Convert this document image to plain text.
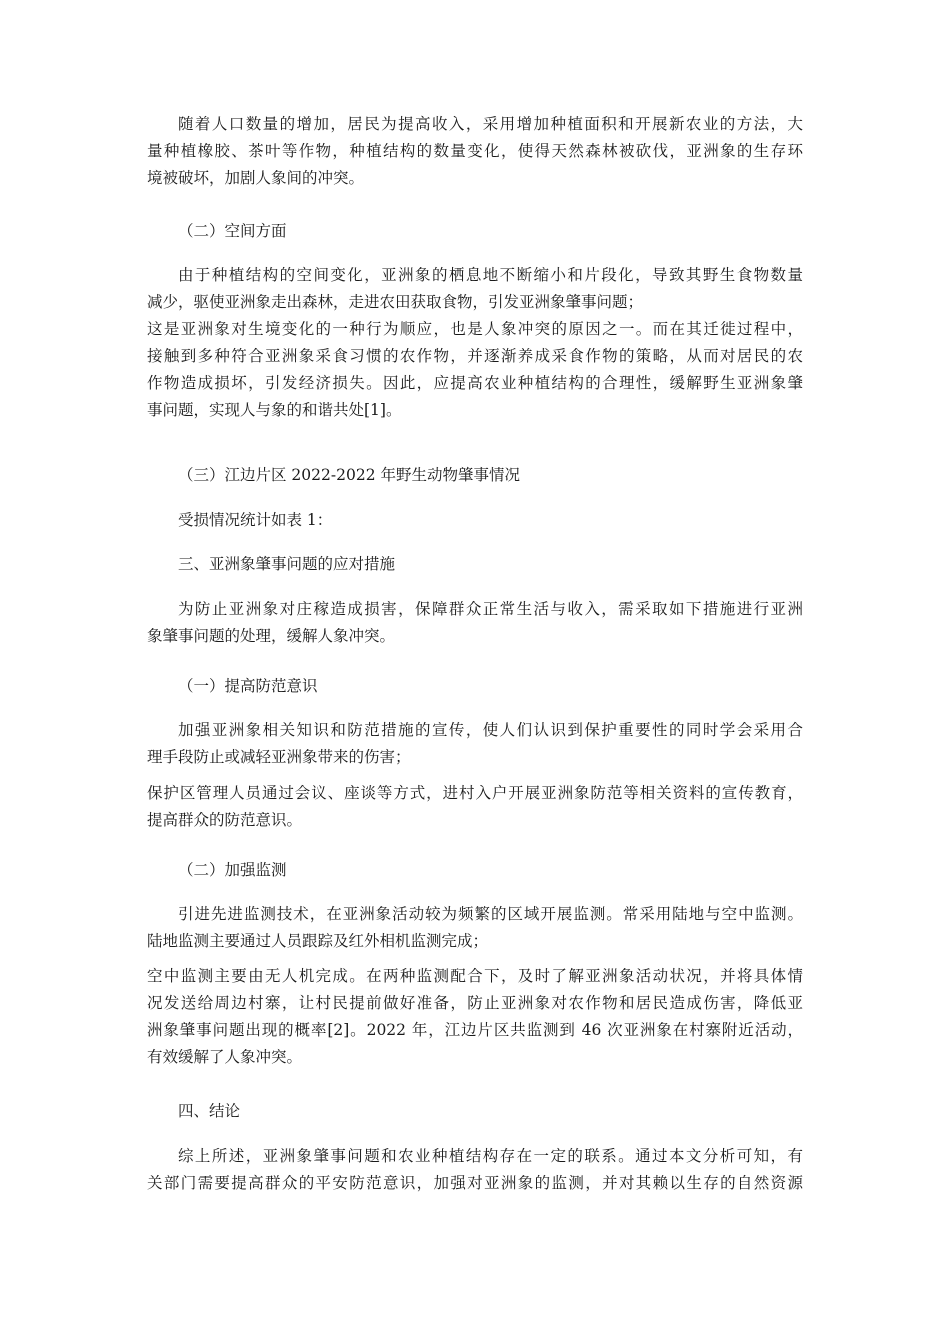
随着人口数量的增加，居民为提高收入，采用增加种植面积和开展新农业的方法，大
量种植橡胶、茶叶等作物，种植结构的数量变化，使得天然森林被砍伐，亚洲象的生存环
境被破坏，加剧人象间的冲突。
（二）空间方面
由于种植结构的空间变化，亚洲象的栖息地不断缩小和片段化，导致其野生食物数量
减少，驱使亚洲象走出森林，走进农田获取食物，引发亚洲象肇事问题；
这是亚洲象对生境变化的一种行为顺应，也是人象冲突的原因之一。而在其迁徙过程中，
接触到多种符合亚洲象采食习惯的农作物，并逐渐养成采食作物的策略，从而对居民的农
作物造成损坏，引发经济损失。因此，应提高农业种植结构的合理性，缓解野生亚洲象肇
事问题，实现人与象的和谐共处[1]。
（三）江边片区 2022-2022 年野生动物肇事情况
受损情况统计如表 1：
三、亚洲象肇事问题的应对措施
为防止亚洲象对庄稼造成损害，保障群众正常生活与收入，需采取如下措施进行亚洲
象肇事问题的处理，缓解人象冲突。
（一）提高防范意识
加强亚洲象相关知识和防范措施的宣传，使人们认识到保护重要性的同时学会采用合
理手段防止或减轻亚洲象带来的伤害；
保护区管理人员通过会议、座谈等方式，进村入户开展亚洲象防范等相关资料的宣传教育，
提高群众的防范意识。
（二）加强监测
引进先进监测技术，在亚洲象活动较为频繁的区域开展监测。常采用陆地与空中监测。
陆地监测主要通过人员跟踪及红外相机监测完成；
空中监测主要由无人机完成。在两种监测配合下，及时了解亚洲象活动状况，并将具体情
况发送给周边村寨，让村民提前做好准备，防止亚洲象对农作物和居民造成伤害，降低亚
洲象肇事问题出现的概率[2]。2022 年，江边片区共监测到 46 次亚洲象在村寨附近活动，
有效缓解了人象冲突。
四、结论
综上所述，亚洲象肇事问题和农业种植结构存在一定的联系。通过本文分析可知，有
关部门需要提高群众的平安防范意识，加强对亚洲象的监测，并对其赖以生存的自然资源
